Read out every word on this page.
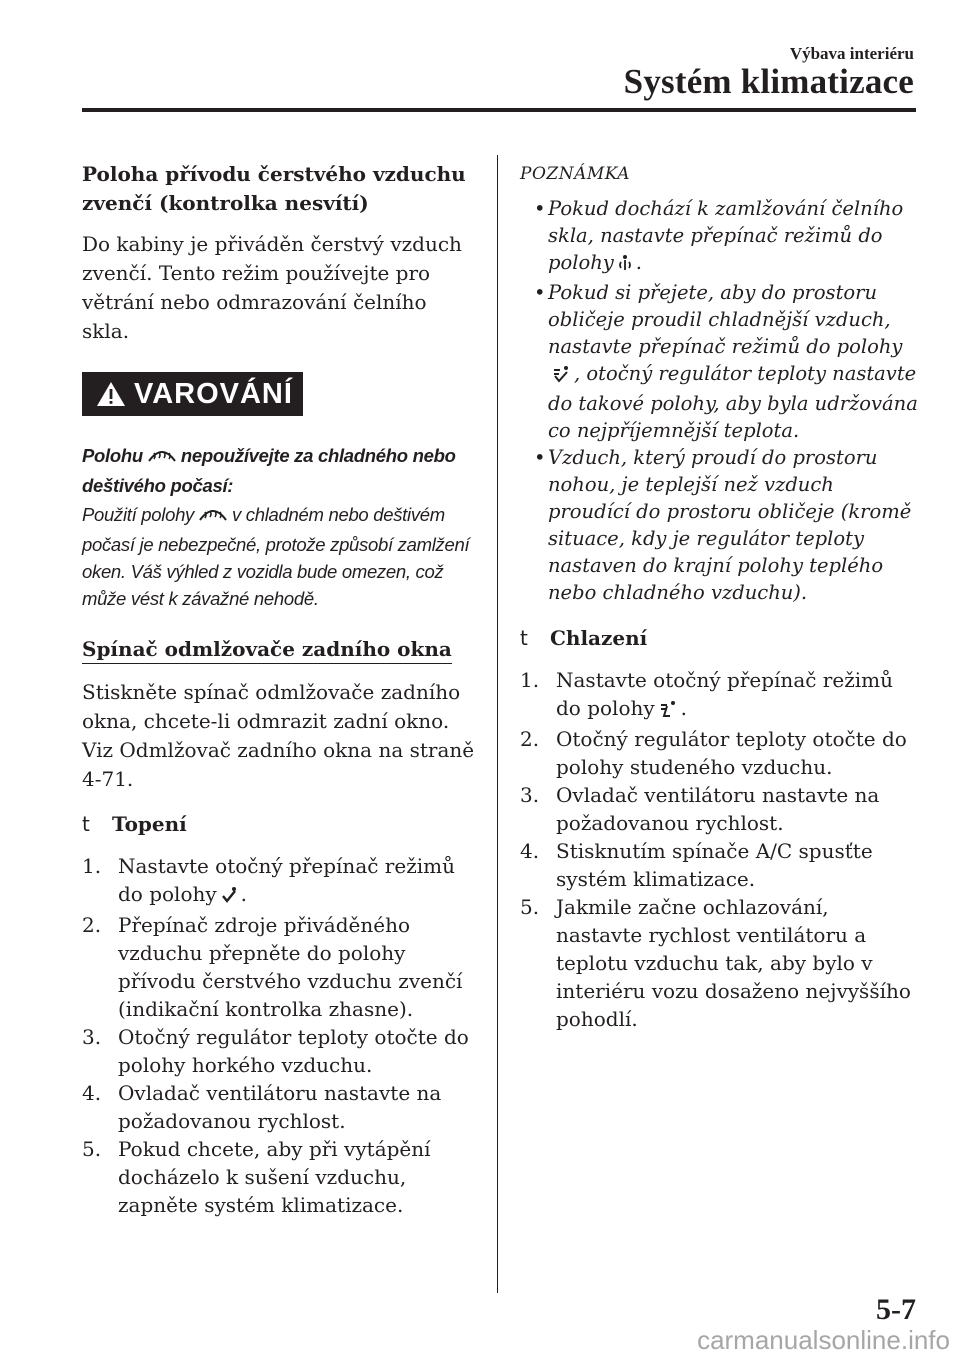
Výbava interiéru
Systém klimatizace
Poloha přívodu čerstvého vzduchu
zvenčí (kontrolka nesvítí)

Do kabiny je přiváděn čerstvý vzduch zvenčí. Tento režim používejte pro větrání nebo odmrazování čelního skla.

VAROVÁNÍ
Polohu nepoužívejte za chladného nebo deštivého počasí:
Použití polohy v chladném nebo deštivém počasí je nebezpečné, protože způsobí zamlžení oken. Váš výhled z vozidla bude omezen, což může vést k závažné nehodě.
Spínač odmlžovače zadního okna

Stiskněte spínač odmlžovače zadního okna, chcete-li odmrazit zadní okno.

Viz Odmlžovač zadního okna na straně 4-71.

t	Topení
1. Nastavte otočný přepínač režimů do polohy .
2. Přepínač zdroje přiváděného vzduchu přepněte do polohy přívodu čerstvého vzduchu zvenčí (indikační kontrolka zhasne).
3. Otočný regulátor teploty otočte do polohy horkého vzduchu.
4. Ovladač ventilátoru nastavte na požadovanou rychlost.
5. Pokud chcete, aby při vytápění docházelo k sušení vzduchu, zapněte systém klimatizace.
POZNÁMKA
• Pokud dochází k zamlžování čelního skla, nastavte přepínač režimů do polohy .
• Pokud si přejete, aby do prostoru obličeje proudil chladnější vzduch, nastavte přepínač režimů do polohy, otočný regulátor teploty nastavte do takové polohy, aby byla udržována co nejpříjemnější teplota.
• Vzduch, který proudí do prostoru nohou, je teplejší než vzduch proudící do prostoru obličeje (kromě situace, kdy je regulátor teploty nastaven do krajní polohy teplého nebo chladného vzduchu).
t	Chlazení
1. Nastavte otočný přepínač režimů do polohy .
2. Otočný regulátor teploty otočte do polohy studeného vzduchu.
3. Ovladač ventilátoru nastavte na požadovanou rychlost.
4. Stisknutím spínače A/C spusťte systém klimatizace.
5. Jakmile začne ochlazování, nastavte rychlost ventilátoru a teplotu vzduchu tak, aby bylo v interiéru vozu dosaženo nejvyššího pohodlí.
5-7
carmanualsonline.info
